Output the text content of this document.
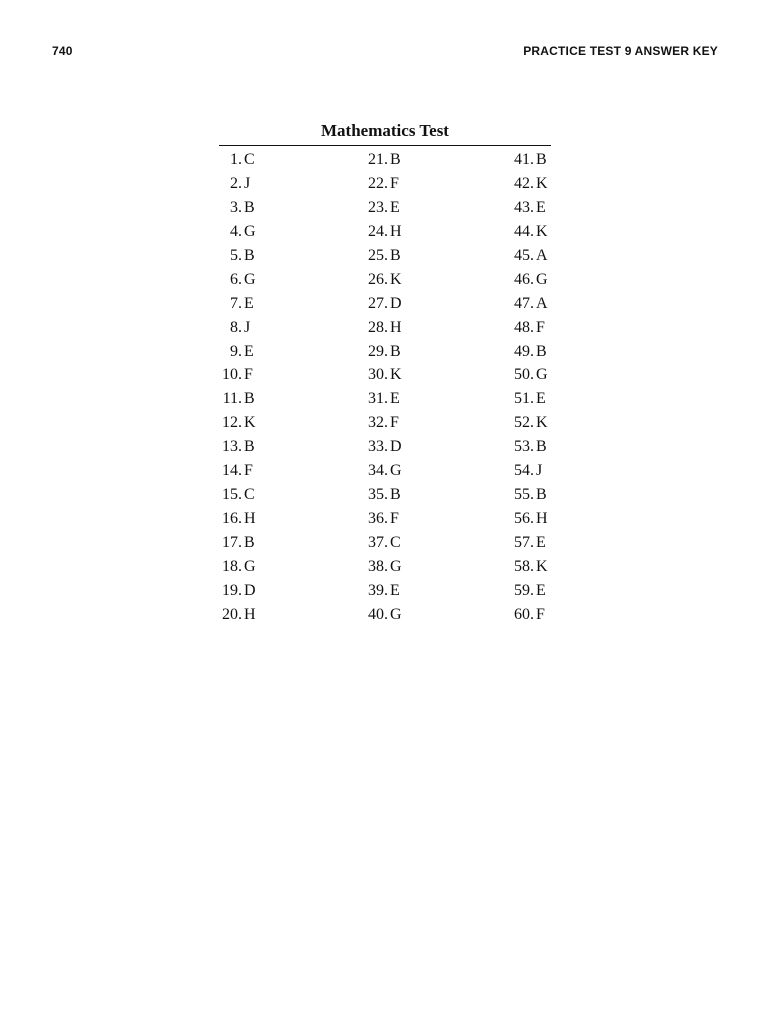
740	PRACTICE TEST 9 ANSWER KEY
Mathematics Test
1. C
2. J
3. B
4. G
5. B
6. G
7. E
8. J
9. E
10. F
11. B
12. K
13. B
14. F
15. C
16. H
17. B
18. G
19. D
20. H
21. B
22. F
23. E
24. H
25. B
26. K
27. D
28. H
29. B
30. K
31. E
32. F
33. D
34. G
35. B
36. F
37. C
38. G
39. E
40. G
41. B
42. K
43. E
44. K
45. A
46. G
47. A
48. F
49. B
50. G
51. E
52. K
53. B
54. J
55. B
56. H
57. E
58. K
59. E
60. F
